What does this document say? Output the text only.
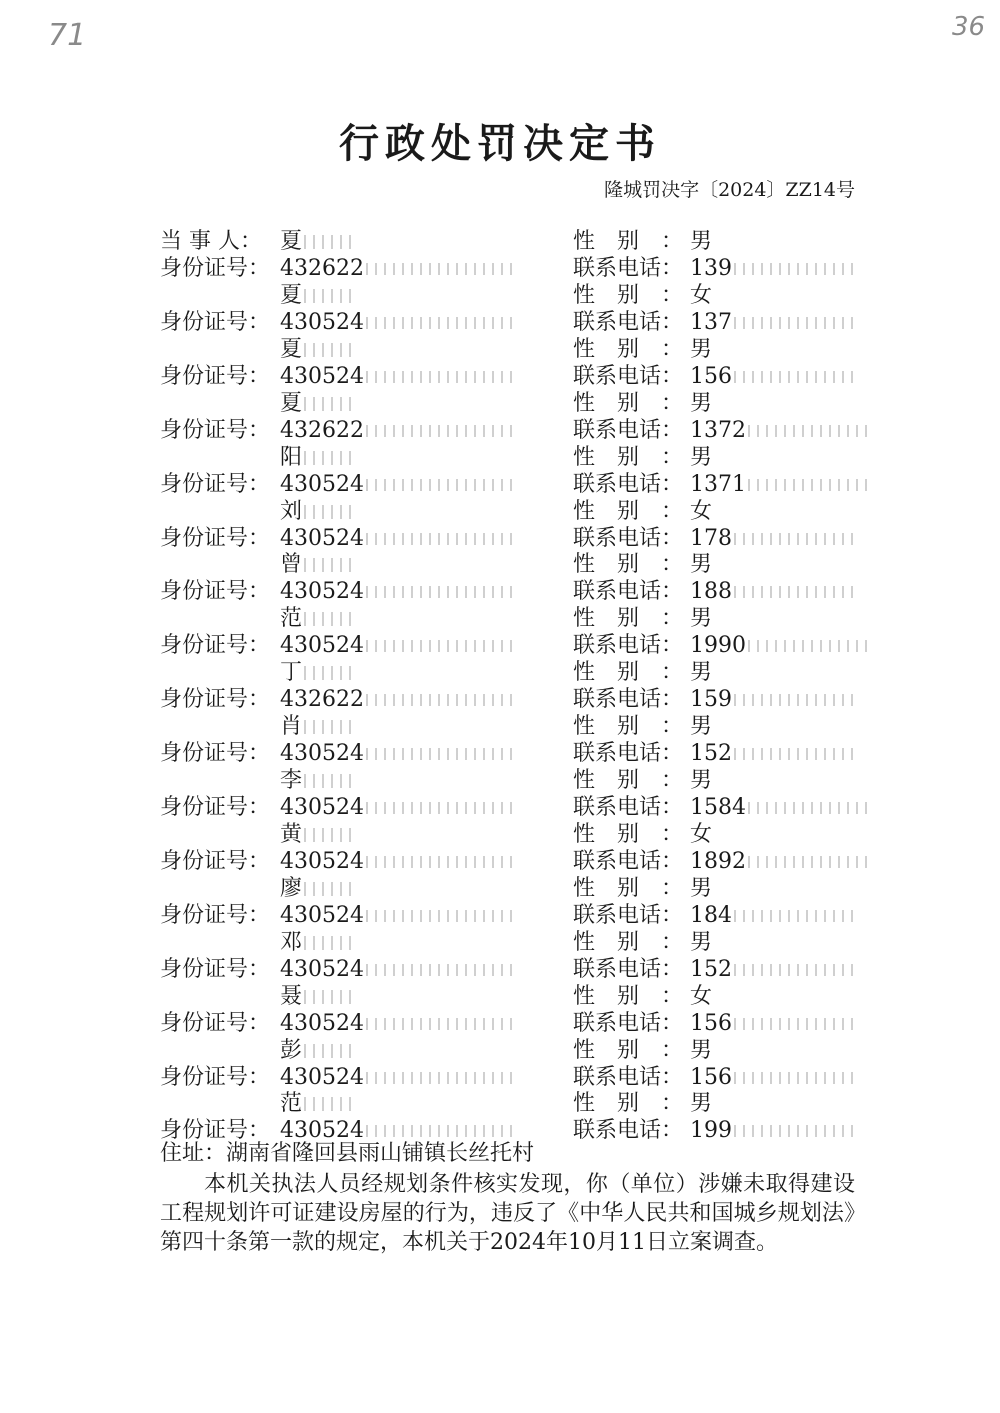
71	36
行政处罚决定书
隆城罚决字〔2024〕ZZ14号
当 事 人： 夏	性　别　： 男
身份证号： 432622	联系电话： 139
夏	性　别　： 女
身份证号： 430524	联系电话： 137
夏	性　别　： 男
身份证号： 430524	联系电话： 156
夏	性　别　： 男
身份证号： 432622	联系电话： 1372
阳	性　别　： 男
身份证号： 430524	联系电话： 1371
刘	性　别　： 女
身份证号： 430524	联系电话： 178
曾	性　别　： 男
身份证号： 430524	联系电话： 188
范	性　别　： 男
身份证号： 430524	联系电话： 1990
丁	性　别　： 男
身份证号： 432622	联系电话： 159
肖	性　别　： 男
身份证号： 430524	联系电话： 152
李	性　别　： 男
身份证号： 430524	联系电话： 1584
黄	性　别　： 女
身份证号： 430524	联系电话： 1892
廖	性　别　： 男
身份证号： 430524	联系电话： 184
邓	性　别　： 男
身份证号： 430524	联系电话： 152
聂	性　别　： 女
身份证号： 430524	联系电话： 156
彭	性　别　： 男
身份证号： 430524	联系电话： 156
范	性　别　： 男
身份证号： 430524	联系电话： 199
住址：湖南省隆回县雨山铺镇长丝托村
本机关执法人员经规划条件核实发现，你（单位）涉嫌未取得建设工程规划许可证建设房屋的行为，违反了《中华人民共和国城乡规划法》第四十条第一款的规定，本机关于2024年10月11日立案调查。
